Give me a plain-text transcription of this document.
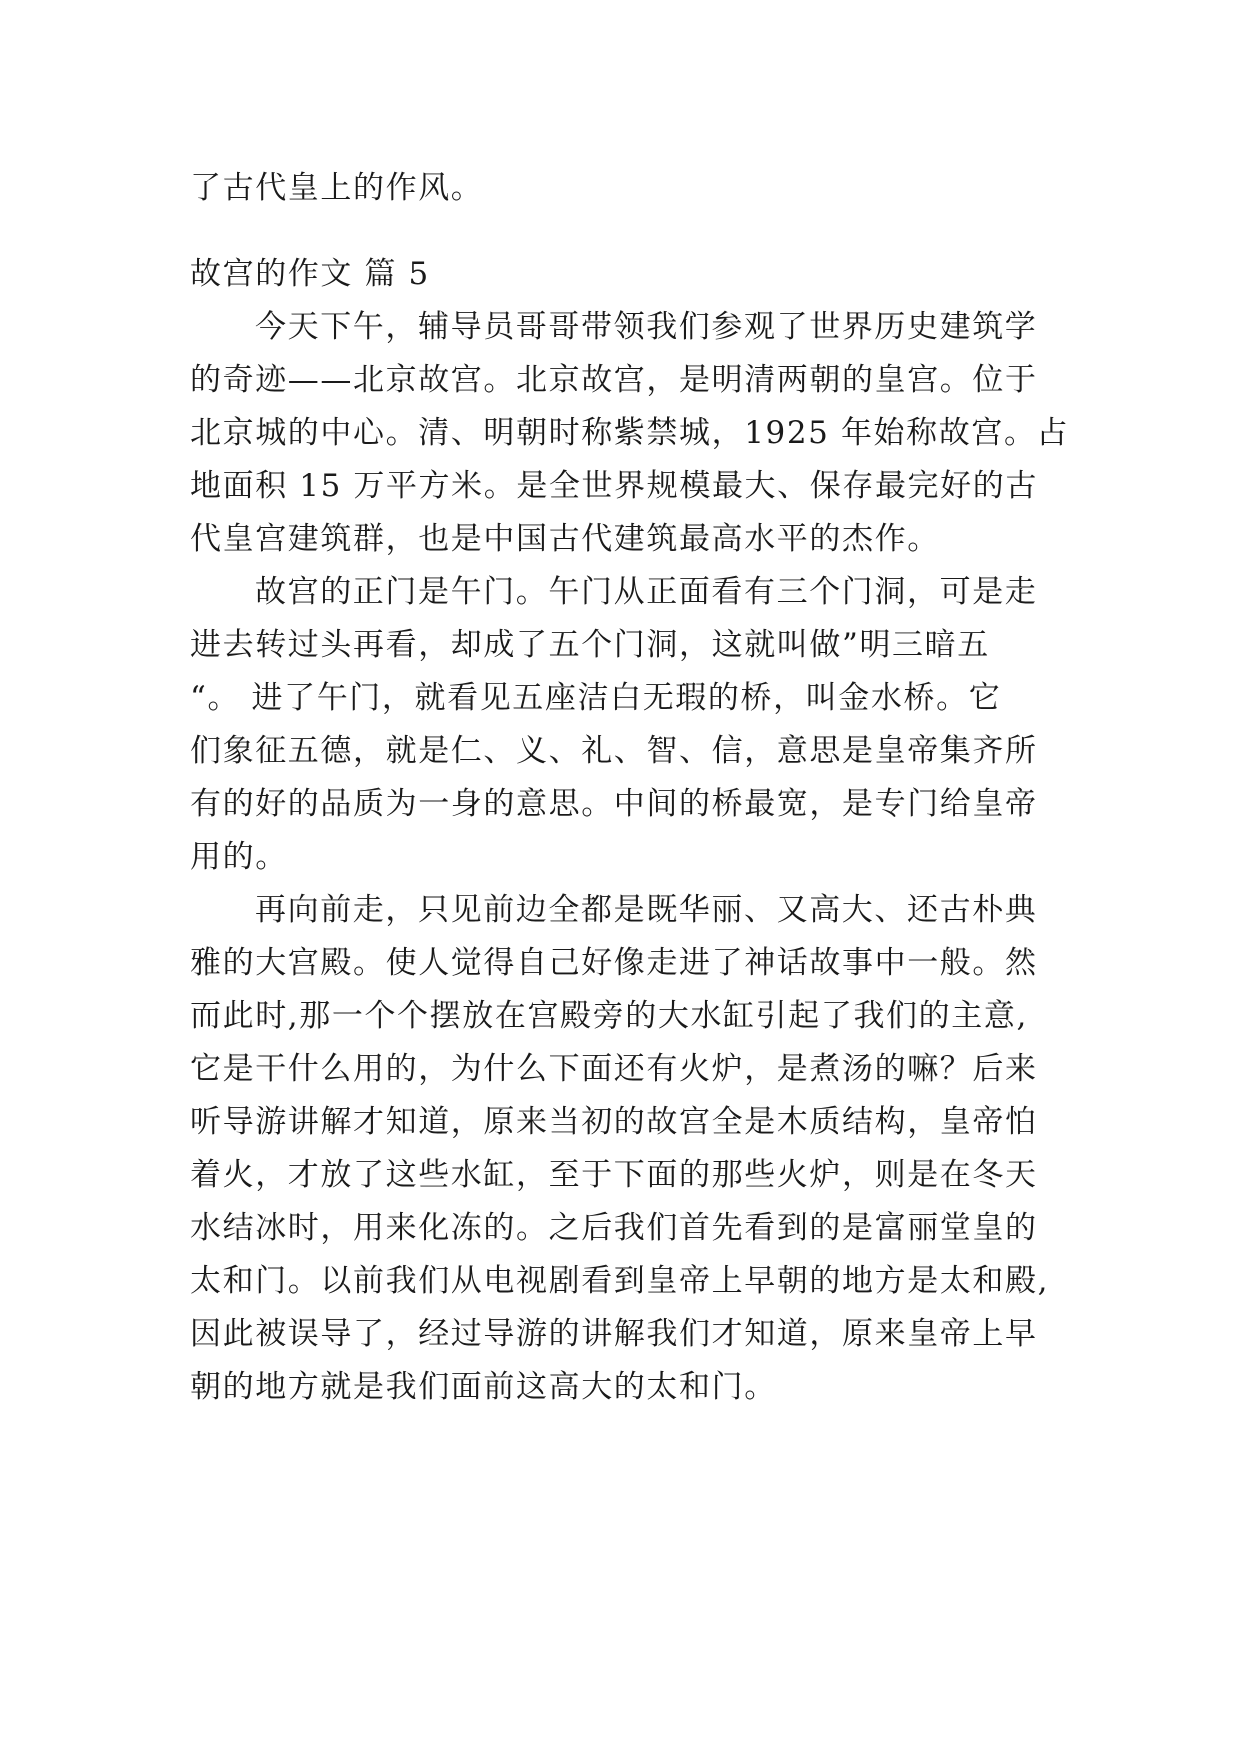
了古代皇上的作风。
故宫的作文 篇 5
今天下午，辅导员哥哥带领我们参观了世界历史建筑学
的奇迹——北京故宫。北京故宫，是明清两朝的皇宫。位于
北京城的中心。清、明朝时称紫禁城，1925 年始称故宫。占
地面积 15 万平方米。是全世界规模最大、保存最完好的古
代皇宫建筑群，也是中国古代建筑最高水平的杰作。
故宫的正门是午门。午门从正面看有三个门洞，可是走
进去转过头再看，却成了五个门洞，这就叫做”明三暗五
“。 进了午门，就看见五座洁白无瑕的桥，叫金水桥。它
们象征五德，就是仁、义、礼、智、信，意思是皇帝集齐所
有的好的品质为一身的意思。中间的桥最宽，是专门给皇帝
用的。
再向前走，只见前边全都是既华丽、又高大、还古朴典
雅的大宫殿。使人觉得自己好像走进了神话故事中一般。然
而此时,那一个个摆放在宫殿旁的大水缸引起了我们的主意,
它是干什么用的，为什么下面还有火炉，是煮汤的嘛？后来
听导游讲解才知道，原来当初的故宫全是木质结构，皇帝怕
着火，才放了这些水缸，至于下面的那些火炉，则是在冬天
水结冰时，用来化冻的。之后我们首先看到的是富丽堂皇的
太和门。以前我们从电视剧看到皇帝上早朝的地方是太和殿,
因此被误导了，经过导游的讲解我们才知道，原来皇帝上早
朝的地方就是我们面前这高大的太和门。
